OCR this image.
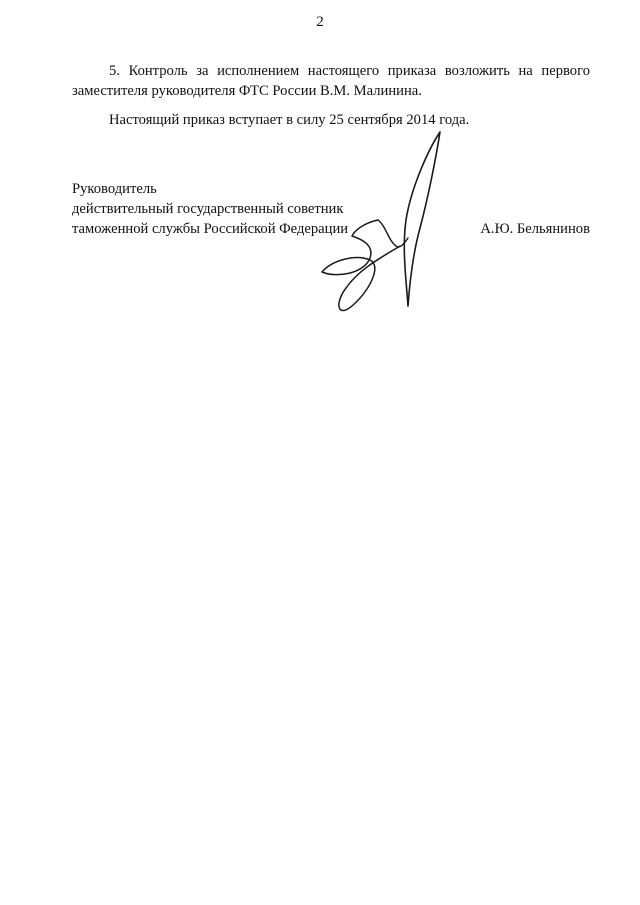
2

5. Контроль за исполнением настоящего приказа возложить на первого заместителя руководителя ФТС России В.М. Малинина.

Настоящий приказ вступает в силу 25 сентября 2014 года.

Руководитель
действительный государственный советник
таможенной службы Российской Федерации	А.Ю. Бельянинов
